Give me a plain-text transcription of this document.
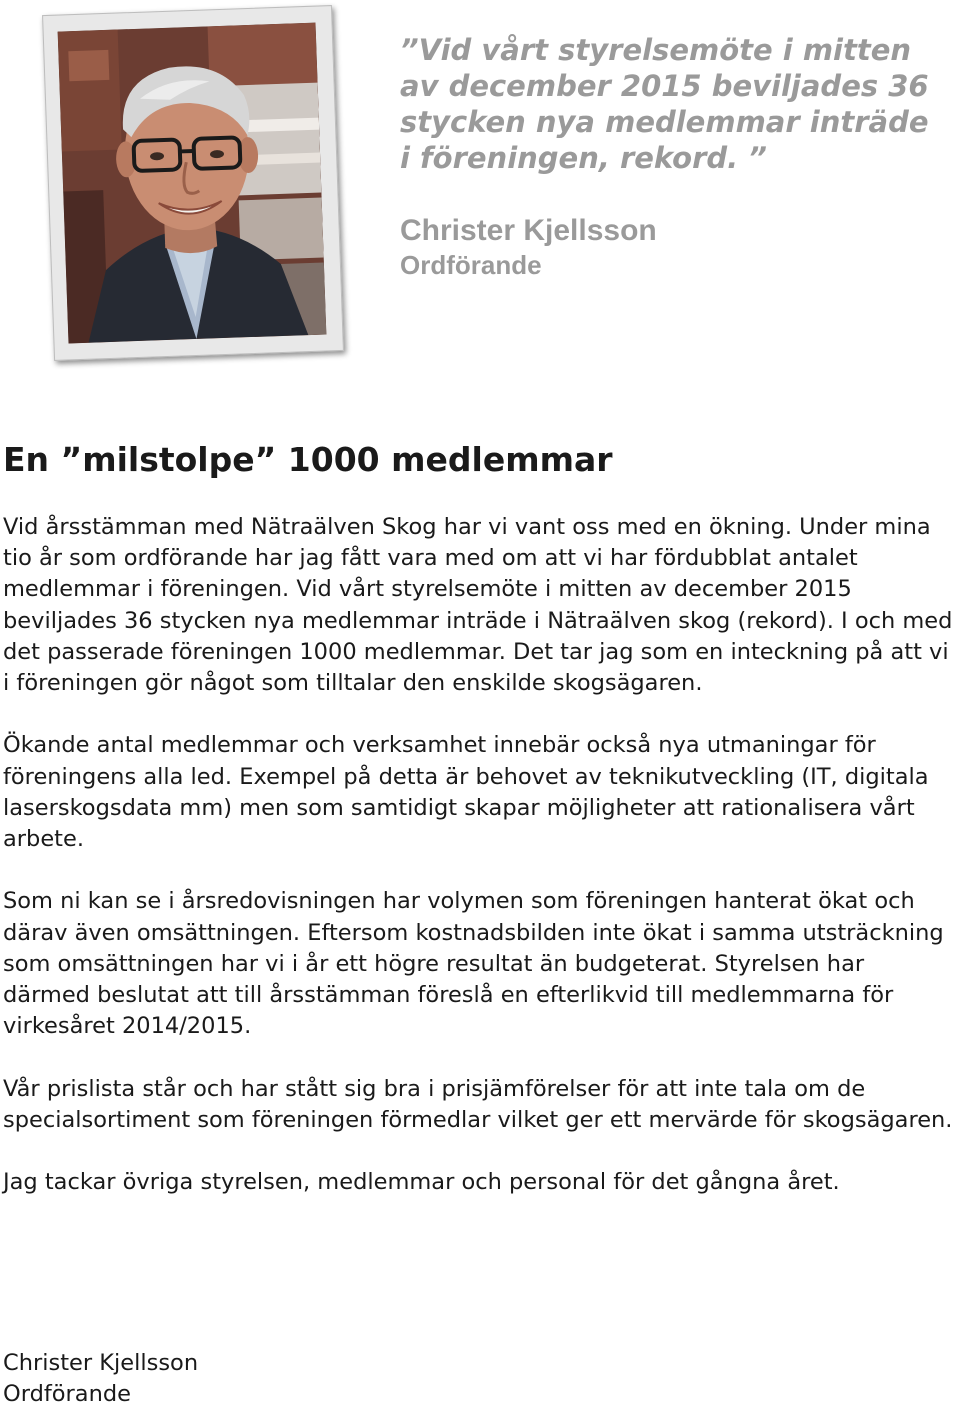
”Vid vårt styrelsemöte i mitten av december 2015 beviljades 36 stycken nya medlemmar inträde i föreningen, rekord. ”

Christer Kjellsson

Ordförande

En ”milstolpe” 1000 medlemmar

Vid årsstämman med Nätraälven Skog har vi vant oss med en ökning. Under mina tio år som ordförande har jag fått vara med om att vi har fördubblat antalet medlemmar i föreningen. Vid vårt styrelsemöte i mitten av december 2015 beviljades 36 stycken nya medlemmar inträde i Nätraälven skog (rekord). I och med det passerade föreningen 1000 medlemmar. Det tar jag som en inteckning på att vi i föreningen gör något som tilltalar den enskilde skogsägaren.

Ökande antal medlemmar och verksamhet innebär också nya utmaningar för föreningens alla led. Exempel på detta är behovet av teknikutveckling (IT, digitala laserskogsdata mm) men som samtidigt skapar möjligheter att rationalisera vårt arbete.

Som ni kan se i årsredovisningen har volymen som föreningen hanterat ökat och därav även omsättningen. Eftersom kostnadsbilden inte ökat i samma utsträckning som omsättningen har vi i år ett högre resultat än budgeterat. Styrelsen har därmed beslutat att till årsstämman föreslå en efterlikvid till medlemmarna för virkesåret 2014/2015.

Vår prislista står och har stått sig bra i prisjämförelser för att inte tala om de specialsortiment som föreningen förmedlar vilket ger ett mervärde för skogsägaren.

Jag tackar övriga styrelsen, medlemmar och personal för det gångna året.

Christer Kjellsson
Ordförande
